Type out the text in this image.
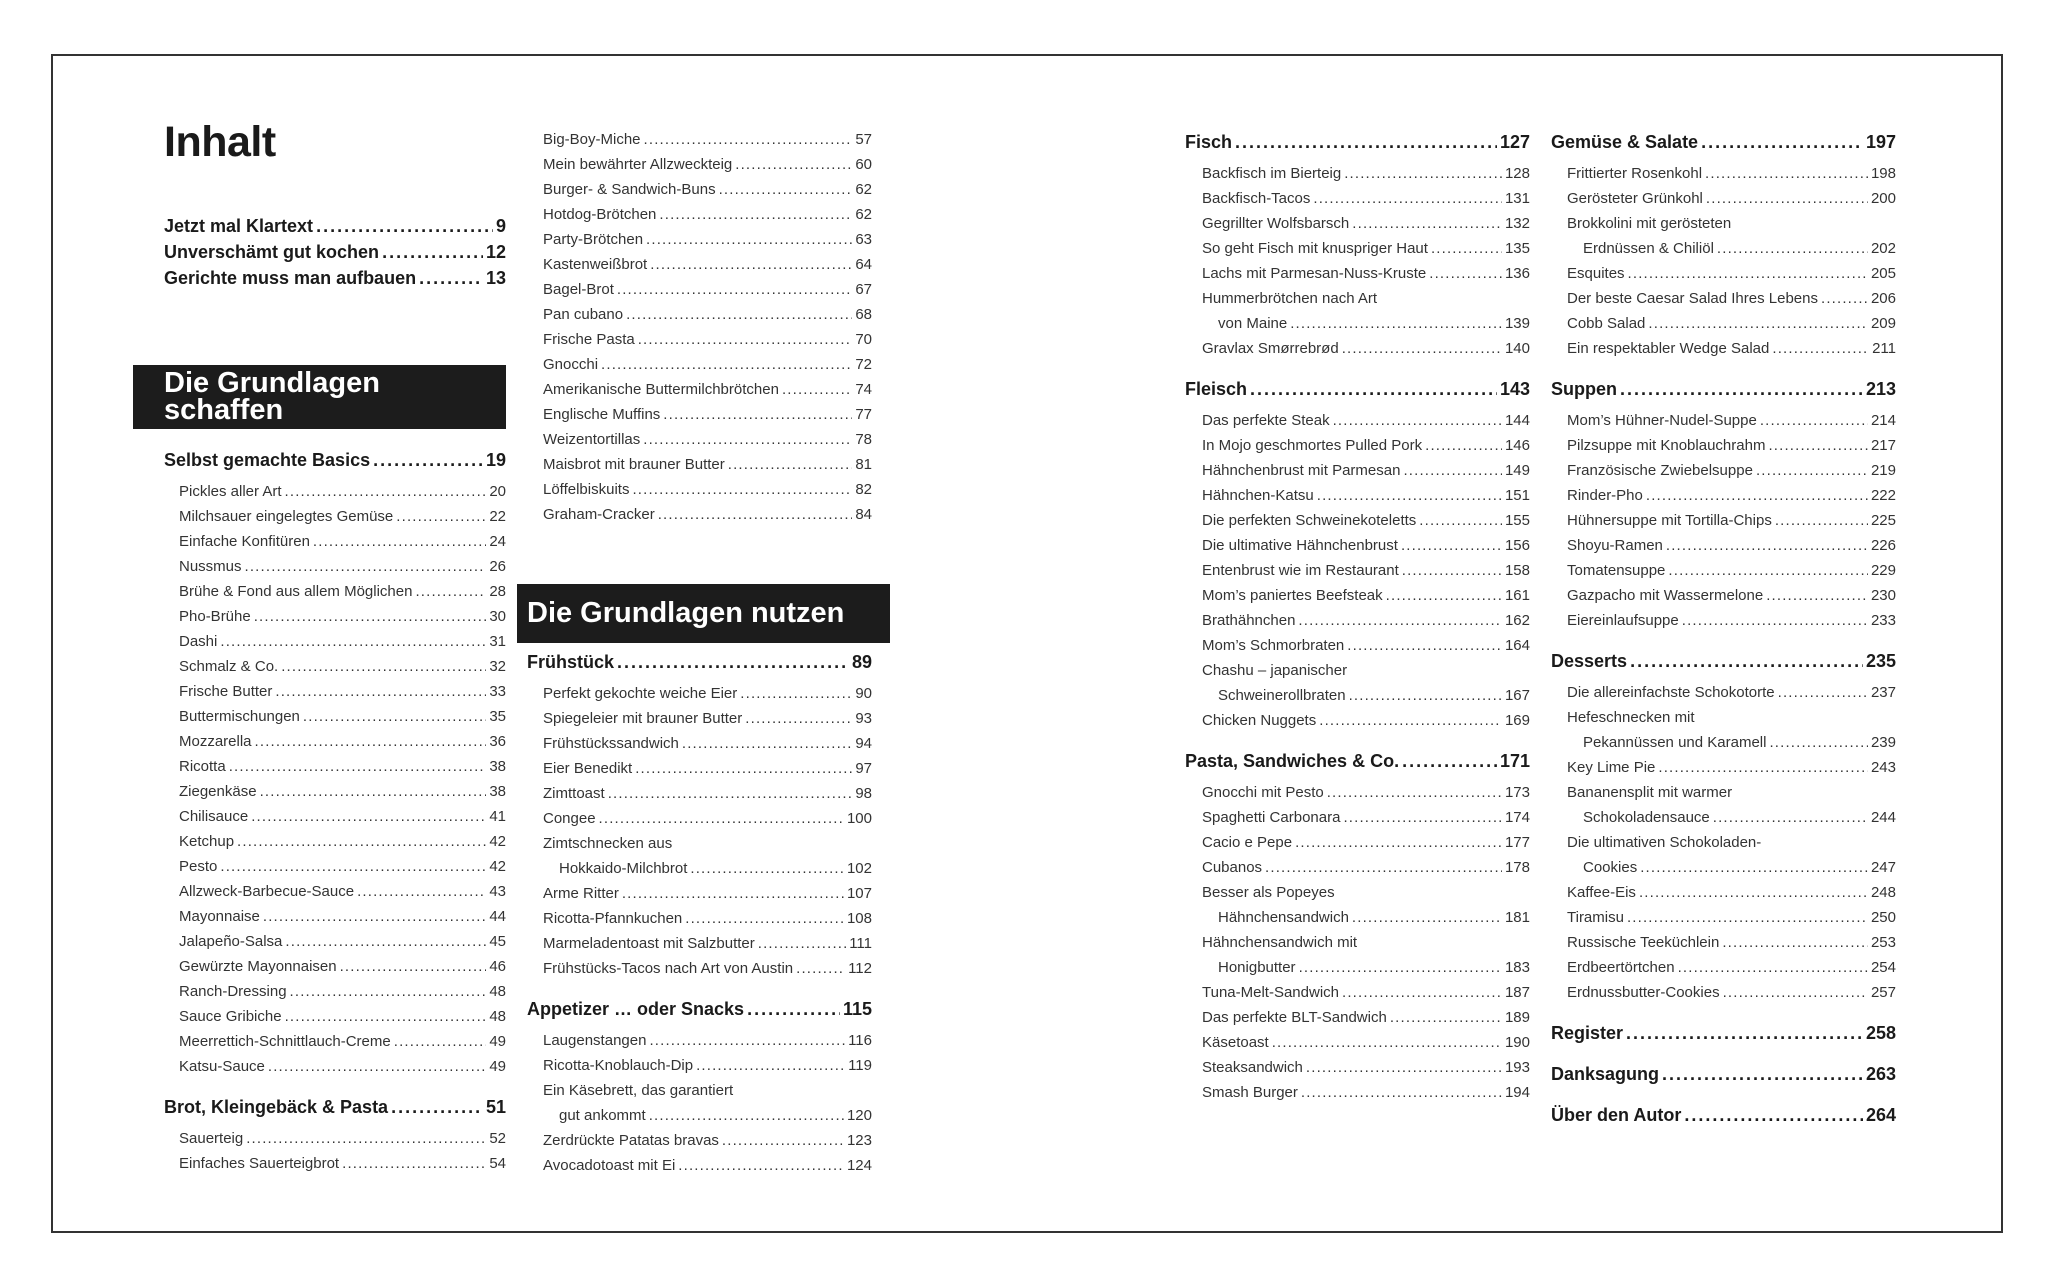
Inhalt
Jetzt mal Klartext . . .	9
Unverschämt gut kochen . . .	12
Gerichte muss man aufbauen . . .	13
Die Grundlagen schaffen
Selbst gemachte Basics . . .	19
Pickles aller Art . . .	20
Milchsauer eingelegtes Gemüse . . .	22
Einfache Konfitüren . . .	24
Nussmus . . .	26
Brühe & Fond aus allem Möglichen . . .	28
Pho-Brühe . . .	30
Dashi . . .	31
Schmalz & Co. . . .	32
Frische Butter . . .	33
Buttermischungen . . .	35
Mozzarella . . .	36
Ricotta . . .	38
Ziegenkäse . . .	38
Chilisauce . . .	41
Ketchup . . .	42
Pesto . . .	42
Allzweck-Barbecue-Sauce . . .	43
Mayonnaise . . .	44
Jalapeño-Salsa . . .	45
Gewürzte Mayonnaisen . . .	46
Ranch-Dressing . . .	48
Sauce Gribiche . . .	48
Meerrettich-Schnittlauch-Creme . . .	49
Katsu-Sauce . . .	49
Brot, Kleingebäck & Pasta . . .	51
Sauerteig . . .	52
Einfaches Sauerteigbrot . . .	54
Big-Boy-Miche . . .	57
Mein bewährter Allzweckteig . . .	60
Burger- & Sandwich-Buns . . .	62
Hotdog-Brötchen . . .	62
Party-Brötchen . . .	63
Kastenweißbrot . . .	64
Bagel-Brot . . .	67
Pan cubano . . .	68
Frische Pasta . . .	70
Gnocchi . . .	72
Amerikanische Buttermilchbrötchen . . .	74
Englische Muffins . . .	77
Weizentortillas . . .	78
Maisbrot mit brauner Butter . . .	81
Löffelbiskuits . . .	82
Graham-Cracker . . .	84
Die Grundlagen nutzen
Frühstück . . .	89
Perfekt gekochte weiche Eier . . .	90
Spiegeleier mit brauner Butter . . .	93
Frühstückssandwich . . .	94
Eier Benedikt . . .	97
Zimttoast . . .	98
Congee . . .	100
Zimtschnecken aus
Hokkaido-Milchbrot . . .	102
Arme Ritter . . .	107
Ricotta-Pfannkuchen . . .	108
Marmeladentoast mit Salzbutter . . .	111
Frühstücks-Tacos nach Art von Austin . . .	112
Appetizer … oder Snacks . . .	115
Laugenstangen . . .	116
Ricotta-Knoblauch-Dip . . .	119
Ein Käsebrett, das garantiert
gut ankommt . . .	120
Zerdrückte Patatas bravas . . .	123
Avocadotoast mit Ei . . .	124
Fisch . . .	127
Backfisch im Bierteig . . .	128
Backfisch-Tacos . . .	131
Gegrillter Wolfsbarsch . . .	132
So geht Fisch mit knuspriger Haut . . .	135
Lachs mit Parmesan-Nuss-Kruste . . .	136
Hummerbrötchen nach Art
von Maine . . .	139
Gravlax Smørrebrød . . .	140
Fleisch . . .	143
Das perfekte Steak . . .	144
In Mojo geschmortes Pulled Pork . . .	146
Hähnchenbrust mit Parmesan . . .	149
Hähnchen-Katsu . . .	151
Die perfekten Schweinekoteletts . . .	155
Die ultimative Hähnchenbrust . . .	156
Entenbrust wie im Restaurant . . .	158
Mom’s paniertes Beefsteak . . .	161
Brathähnchen . . .	162
Mom’s Schmorbraten . . .	164
Chashu – japanischer
Schweinerollbraten . . .	167
Chicken Nuggets . . .	169
Pasta, Sandwiches & Co. . . .	171
Gnocchi mit Pesto . . .	173
Spaghetti Carbonara . . .	174
Cacio e Pepe . . .	177
Cubanos . . .	178
Besser als Popeyes
Hähnchensandwich . . .	181
Hähnchensandwich mit
Honigbutter . . .	183
Tuna-Melt-Sandwich . . .	187
Das perfekte BLT-Sandwich . . .	189
Käsetoast . . .	190
Steaksandwich . . .	193
Smash Burger . . .	194
Gemüse & Salate . . .	197
Frittierter Rosenkohl . . .	198
Gerösteter Grünkohl . . .	200
Brokkolini mit gerösteten
Erdnüssen & Chiliöl . . .	202
Esquites . . .	205
Der beste Caesar Salad Ihres Lebens . . .	206
Cobb Salad . . .	209
Ein respektabler Wedge Salad . . .	211
Suppen . . .	213
Mom’s Hühner-Nudel-Suppe . . .	214
Pilzsuppe mit Knoblauchrahm . . .	217
Französische Zwiebelsuppe . . .	219
Rinder-Pho . . .	222
Hühnersuppe mit Tortilla-Chips . . .	225
Shoyu-Ramen . . .	226
Tomatensuppe . . .	229
Gazpacho mit Wassermelone . . .	230
Eiereinlaufsuppe . . .	233
Desserts . . .	235
Die allereinfachste Schokotorte . . .	237
Hefeschnecken mit
Pekannüssen und Karamell . . .	239
Key Lime Pie . . .	243
Bananensplit mit warmer
Schokoladensauce . . .	244
Die ultimativen Schokoladen-
Cookies . . .	247
Kaffee-Eis . . .	248
Tiramisu . . .	250
Russische Teeküchlein . . .	253
Erdbeertörtchen . . .	254
Erdnussbutter-Cookies . . .	257
Register . . .	258
Danksagung . . .	263
Über den Autor . . .	264
